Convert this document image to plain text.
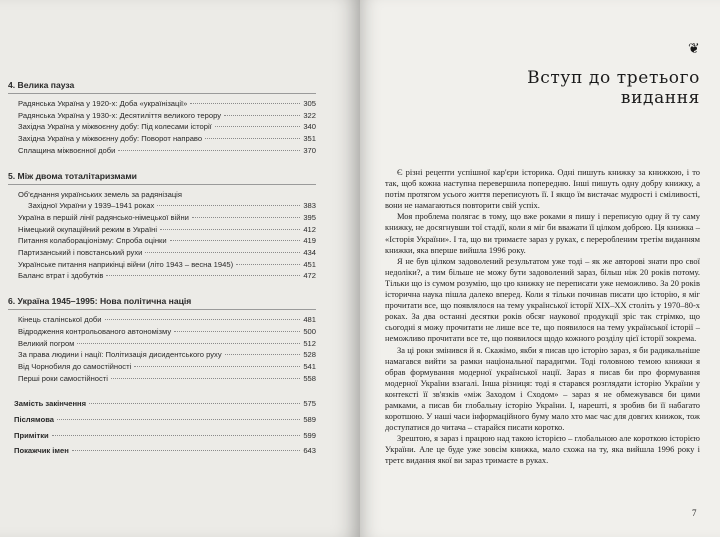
4. Велика пауза
Радянська Україна у 1920-х: Доба «українізації»	305
Радянська Україна у 1930-х: Десятиліття великого терору	322
Західна Україна у міжвоєнну добу: Під колесами історії	340
Західна Україна у міжвоєнну добу: Поворот направо	351
Сплащина міжвоєнної доби	370
5. Між двома тоталітаризмами
Об'єднання українських земель за радянізація
Західної України у 1939–1941 роках	383
Україна в першій лінії радянсько-німецької війни	395
Німецький окупаційний режим в Україні	412
Питання колабораціонізму: Спроба оцінки	419
Партизанський і повстанський рухи	434
Українське питання наприкінці війни (літо 1943 – весна 1945)	451
Баланс втрат і здобутків	472
6. Україна 1945–1995: Нова політична нація
Кінець сталінської доби	481
Відродження контрольованого автономізму	500
Великий погром	512
За права людини і нації: Політизація дисидентського руху	528
Від Чорнобиля до самостійності	541
Перші роки самостійності	558
Замість закінчення	575
Післямова	589
Примітки	599
Покажчик імен	643
❦
Вступ до третього видання

Є різні рецепти успішної кар'єри історика. Одні пишуть книжку за книжкою, і то так, щоб кожна наступна перевершила попередню. Інші пишуть одну добру книжку, а потім протягом усього життя переписують її. І якщо їм вистачає мудрості і сміливості, вони не намагаються повторити свій успіх.

Моя проблема полягає в тому, що вже роками я пишу і переписую одну й ту саму книжку, не досягнувши тої стадії, коли я міг би вважати її цілком доброю. Ця книжка – «Історія України». І та, що ви тримаєте зараз у руках, є переробленим третім виданням книжки, яка вперше вийшла 1996 року.

Я не був цілком задоволений результатом уже тоді – як же авторові знати про свої недоліки?, а тим більше не можу бути задоволений зараз, більш ніж 20 років потому. Тільки що із сумом розумію, що цю книжку не переписати уже неможливо. За 20 років історична наука пішла далеко вперед. Коли я тільки починав писати цю історію, я міг прочитати все, що появлялося на тему української історії XIX–XX століть у 1970–80-х роках. За два останні десятки років обсяг наукової продукції зріс так стрімко, що сьогодні я можу прочитати не лише все те, що появилося на тему української історії – неможливо прочитати все те, що появилося щодо кожного розділу цієї історії зокрема.

За ці роки змінився й я. Скажімо, якби я писав цю історію зараз, я би радикальніше намагався вийти за рамки національної парадигми. Тоді головною темою книжки я обрав формування модерної української нації. Зараз я писав би про формування модерної України взагалі. Інша різниця: тоді я старався розглядати історію України у контексті її зв'язків «між Заходом і Сходом» – зараз я не обмежувався би цими рамками, а писав би глобальну історію України. І, нарешті, я зробив би її набагато коротшою. У наші часи інформаційного буму мало хто має час для довгих книжок, тож доступатися до читача – старайся писати коротко.

Зрештою, я зараз і працюю над такою історією – глобальною але короткою історією України. Але це буде уже зовсім книжка, мало схожа на ту, яка вийшла 1996 року і третє видання якої ви зараз тримаєте в руках.

7
